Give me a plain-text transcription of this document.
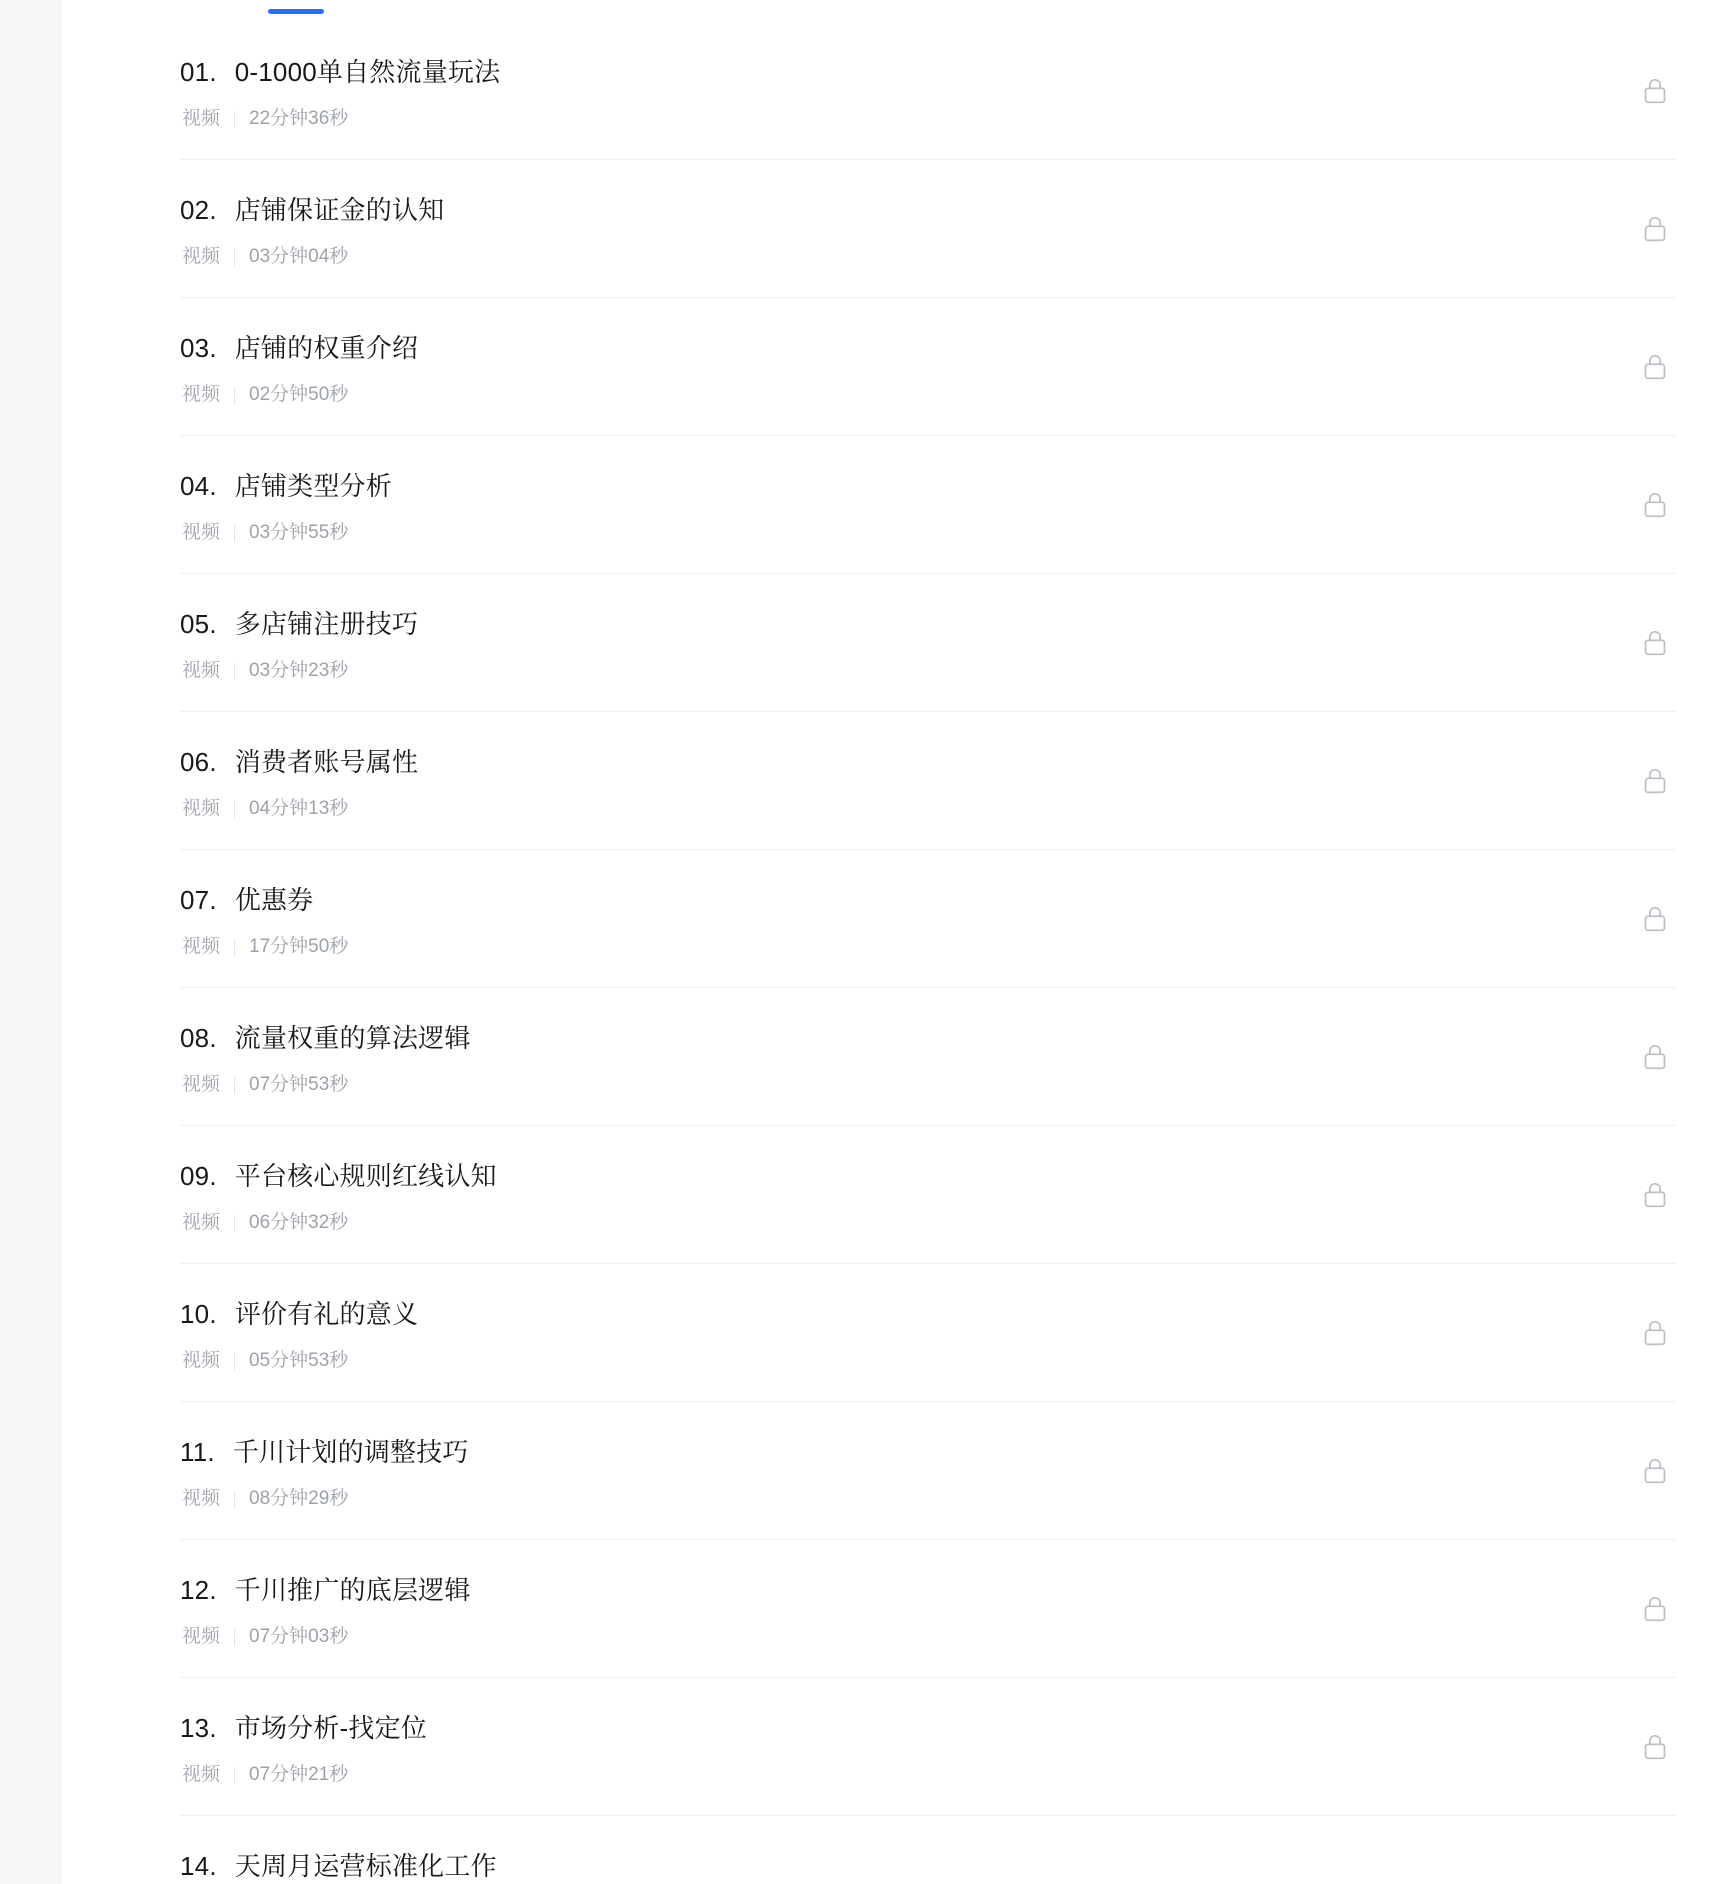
01. 0-1000单自然流量玩法
视频 22分钟36秒
02. 店铺保证金的认知
视频 03分钟04秒
03. 店铺的权重介绍
视频 02分钟50秒
04. 店铺类型分析
视频 03分钟55秒
05. 多店铺注册技巧
视频 03分钟23秒
06. 消费者账号属性
视频 04分钟13秒
07. 优惠券
视频 17分钟50秒
08. 流量权重的算法逻辑
视频 07分钟53秒
09. 平台核心规则红线认知
视频 06分钟32秒
10. 评价有礼的意义
视频 05分钟53秒
11. 千川计划的调整技巧
视频 08分钟29秒
12. 千川推广的底层逻辑
视频 07分钟03秒
13. 市场分析-找定位
视频 07分钟21秒
14. 天周月运营标准化工作
